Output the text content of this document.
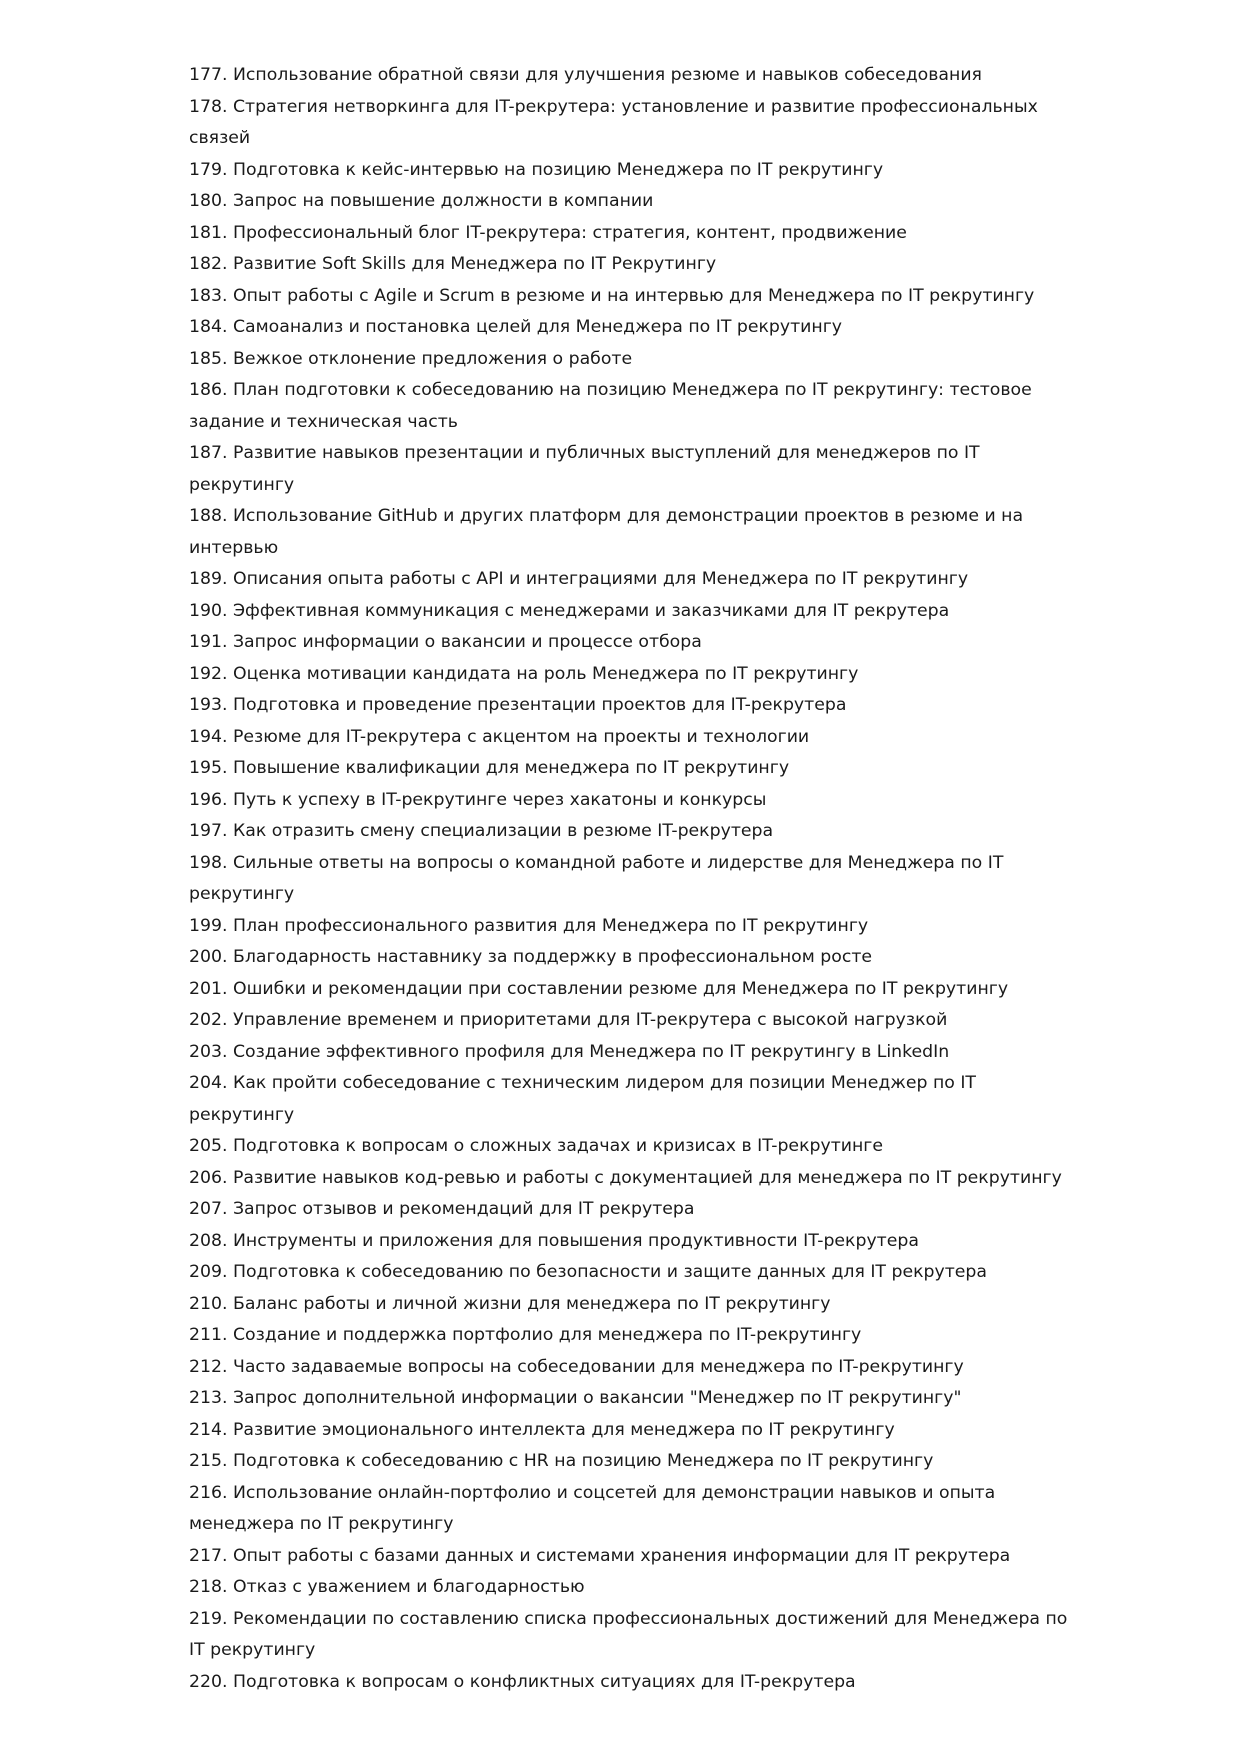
177. Использование обратной связи для улучшения резюме и навыков собеседования
178. Стратегия нетворкинга для IT-рекрутера: установление и развитие профессиональных связей
179. Подготовка к кейс-интервью на позицию Менеджера по IT рекрутингу
180. Запрос на повышение должности в компании
181. Профессиональный блог IT-рекрутера: стратегия, контент, продвижение
182. Развитие Soft Skills для Менеджера по IT Рекрутингу
183. Опыт работы с Agile и Scrum в резюме и на интервью для Менеджера по IT рекрутингу
184. Самоанализ и постановка целей для Менеджера по IT рекрутингу
185. Вежкое отклонение предложения о работе
186. План подготовки к собеседованию на позицию Менеджера по IT рекрутингу: тестовое задание и техническая часть
187. Развитие навыков презентации и публичных выступлений для менеджеров по IT рекрутингу
188. Использование GitHub и других платформ для демонстрации проектов в резюме и на интервью
189. Описания опыта работы с API и интеграциями для Менеджера по IT рекрутингу
190. Эффективная коммуникация с менеджерами и заказчиками для IT рекрутера
191. Запрос информации о вакансии и процессе отбора
192. Оценка мотивации кандидата на роль Менеджера по IT рекрутингу
193. Подготовка и проведение презентации проектов для IT-рекрутера
194. Резюме для IT-рекрутера с акцентом на проекты и технологии
195. Повышение квалификации для менеджера по IT рекрутингу
196. Путь к успеху в IT-рекрутинге через хакатоны и конкурсы
197. Как отразить смену специализации в резюме IT-рекрутера
198. Сильные ответы на вопросы о командной работе и лидерстве для Менеджера по IT рекрутингу
199. План профессионального развития для Менеджера по IT рекрутингу
200. Благодарность наставнику за поддержку в профессиональном росте
201. Ошибки и рекомендации при составлении резюме для Менеджера по IT рекрутингу
202. Управление временем и приоритетами для IT-рекрутера с высокой нагрузкой
203. Создание эффективного профиля для Менеджера по IT рекрутингу в LinkedIn
204. Как пройти собеседование с техническим лидером для позиции Менеджер по IT рекрутингу
205. Подготовка к вопросам о сложных задачах и кризисах в IT-рекрутинге
206. Развитие навыков код-ревью и работы с документацией для менеджера по IT рекрутингу
207. Запрос отзывов и рекомендаций для IT рекрутера
208. Инструменты и приложения для повышения продуктивности IT-рекрутера
209. Подготовка к собеседованию по безопасности и защите данных для IT рекрутера
210. Баланс работы и личной жизни для менеджера по IT рекрутингу
211. Создание и поддержка портфолио для менеджера по IT-рекрутингу
212. Часто задаваемые вопросы на собеседовании для менеджера по IT-рекрутингу
213. Запрос дополнительной информации о вакансии "Менеджер по IT рекрутингу"
214. Развитие эмоционального интеллекта для менеджера по IT рекрутингу
215. Подготовка к собеседованию с HR на позицию Менеджера по IT рекрутингу
216. Использование онлайн-портфолио и соцсетей для демонстрации навыков и опыта менеджера по IT рекрутингу
217. Опыт работы с базами данных и системами хранения информации для IT рекрутера
218. Отказ с уважением и благодарностью
219. Рекомендации по составлению списка профессиональных достижений для Менеджера по IT рекрутингу
220. Подготовка к вопросам о конфликтных ситуациях для IT-рекрутера
